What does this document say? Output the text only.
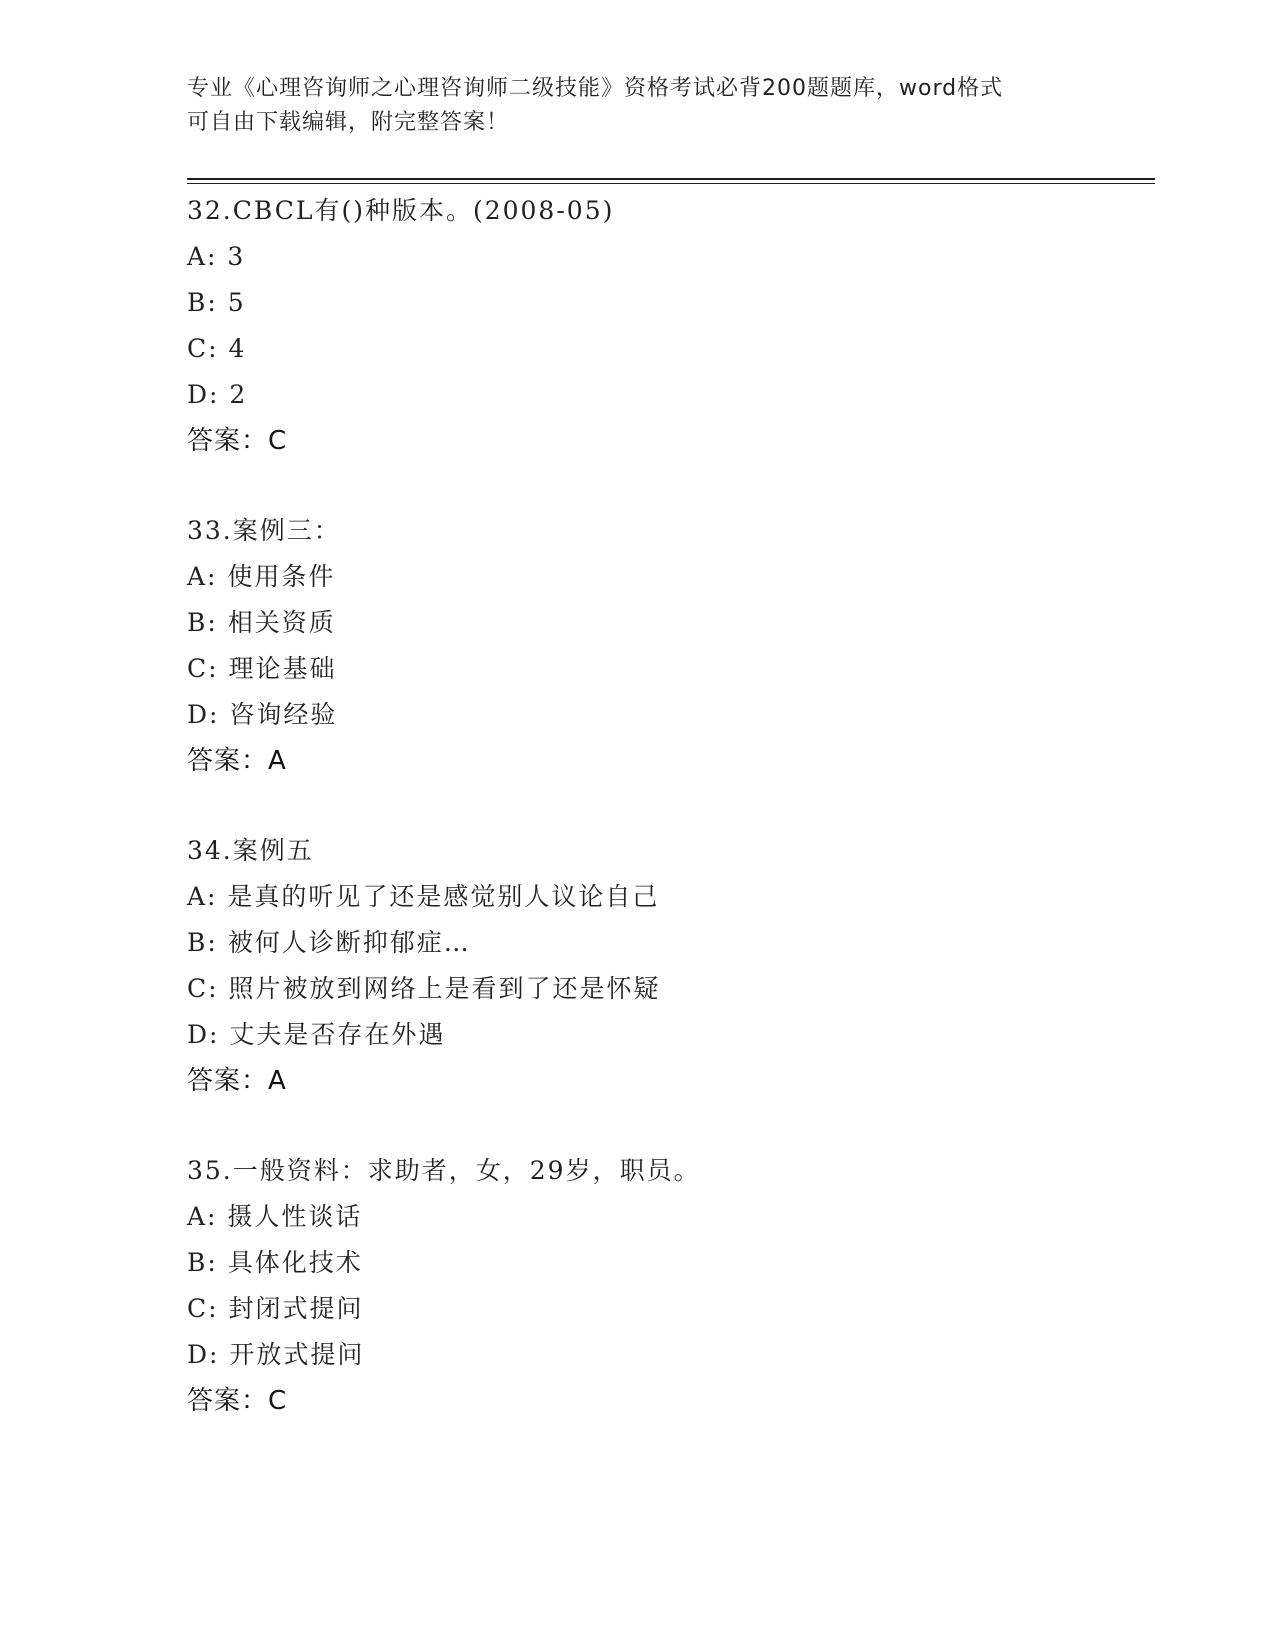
专业《心理咨询师之心理咨询师二级技能》资格考试必背200题题库，word格式
可自由下载编辑，附完整答案！
32.CBCL有()种版本。(2008-05)
A: 3
B: 5
C: 4
D: 2
答案：C
33.案例三：
A: 使用条件
B: 相关资质
C: 理论基础
D: 咨询经验
答案：A
34.案例五
A: 是真的听见了还是感觉别人议论自己
B: 被何人诊断抑郁症…
C: 照片被放到网络上是看到了还是怀疑
D: 丈夫是否存在外遇
答案：A
35.一般资料：求助者，女，29岁，职员。
A: 摄人性谈话
B: 具体化技术
C: 封闭式提问
D: 开放式提问
答案：C
